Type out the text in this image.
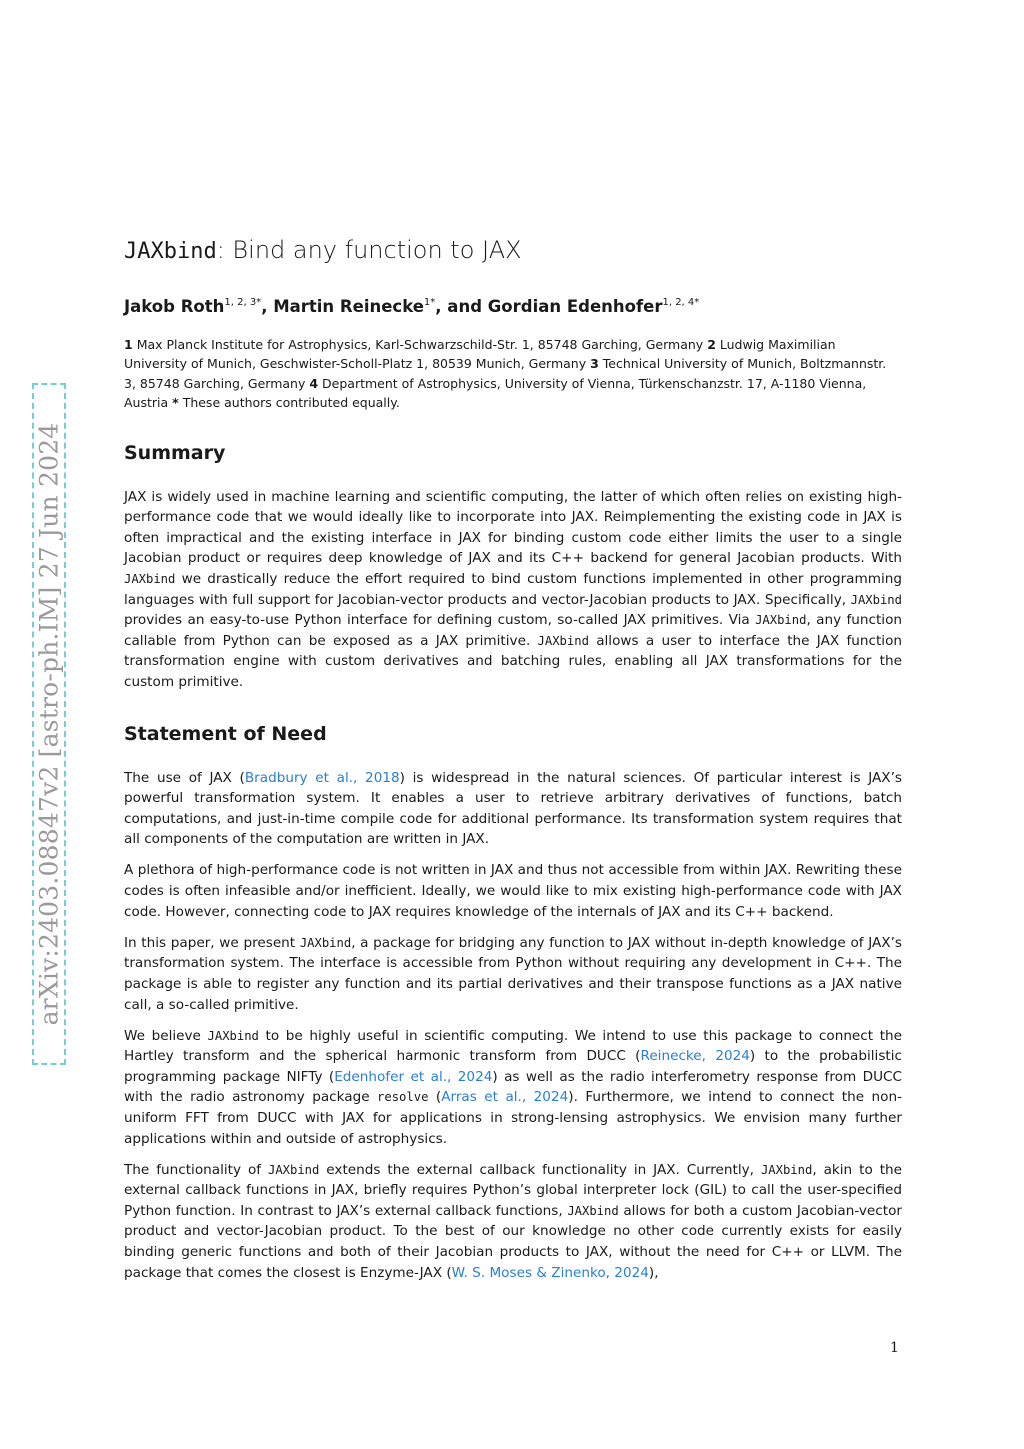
arXiv:2403.08847v2 [astro-ph.IM] 27 Jun 2024
JAXbind: Bind any function to JAX
Jakob Roth$^{1, 2, 3*}$, Martin Reinecke$^{1*}$, and Gordian Edenhofer$^{1, 2, 4*}$
1 Max Planck Institute for Astrophysics, Karl-Schwarzschild-Str. 1, 85748 Garching, Germany 2 Ludwig Maximilian University of Munich, Geschwister-Scholl-Platz 1, 80539 Munich, Germany 3 Technical University of Munich, Boltzmannstr. 3, 85748 Garching, Germany 4 Department of Astrophysics, University of Vienna, Türkenschanzstr. 17, A-1180 Vienna, Austria * These authors contributed equally.
Summary

JAX is widely used in machine learning and scientific computing, the latter of which often relies on existing high-performance code that we would ideally like to incorporate into JAX. Reimplementing the existing code in JAX is often impractical and the existing interface in JAX for binding custom code either limits the user to a single Jacobian product or requires deep knowledge of JAX and its C++ backend for general Jacobian products. With JAXbind we drastically reduce the effort required to bind custom functions implemented in other programming languages with full support for Jacobian-vector products and vector-Jacobian products to JAX. Specifically, JAXbind provides an easy-to-use Python interface for defining custom, so-called JAX primitives. Via JAXbind, any function callable from Python can be exposed as a JAX primitive. JAXbind allows a user to interface the JAX function transformation engine with custom derivatives and batching rules, enabling all JAX transformations for the custom primitive.

Statement of Need

The use of JAX (Bradbury et al., 2018) is widespread in the natural sciences. Of particular interest is JAX’s powerful transformation system. It enables a user to retrieve arbitrary derivatives of functions, batch computations, and just-in-time compile code for additional performance. Its transformation system requires that all components of the computation are written in JAX.

A plethora of high-performance code is not written in JAX and thus not accessible from within JAX. Rewriting these codes is often infeasible and/or inefficient. Ideally, we would like to mix existing high-performance code with JAX code. However, connecting code to JAX requires knowledge of the internals of JAX and its C++ backend.

In this paper, we present JAXbind, a package for bridging any function to JAX without in-depth knowledge of JAX’s transformation system. The interface is accessible from Python without requiring any development in C++. The package is able to register any function and its partial derivatives and their transpose functions as a JAX native call, a so-called primitive.

We believe JAXbind to be highly useful in scientific computing. We intend to use this package to connect the Hartley transform and the spherical harmonic transform from DUCC (Reinecke, 2024) to the probabilistic programming package NIFTy (Edenhofer et al., 2024) as well as the radio interferometry response from DUCC with the radio astronomy package resolve (Arras et al., 2024). Furthermore, we intend to connect the non-uniform FFT from DUCC with JAX for applications in strong-lensing astrophysics. We envision many further applications within and outside of astrophysics.

The functionality of JAXbind extends the external callback functionality in JAX. Currently, JAXbind, akin to the external callback functions in JAX, briefly requires Python’s global interpreter lock (GIL) to call the user-specified Python function. In contrast to JAX’s external callback functions, JAXbind allows for both a custom Jacobian-vector product and vector-Jacobian product. To the best of our knowledge no other code currently exists for easily binding generic functions and both of their Jacobian products to JAX, without the need for C++ or LLVM. The package that comes the closest is Enzyme-JAX (W. S. Moses & Zinenko, 2024),

1
